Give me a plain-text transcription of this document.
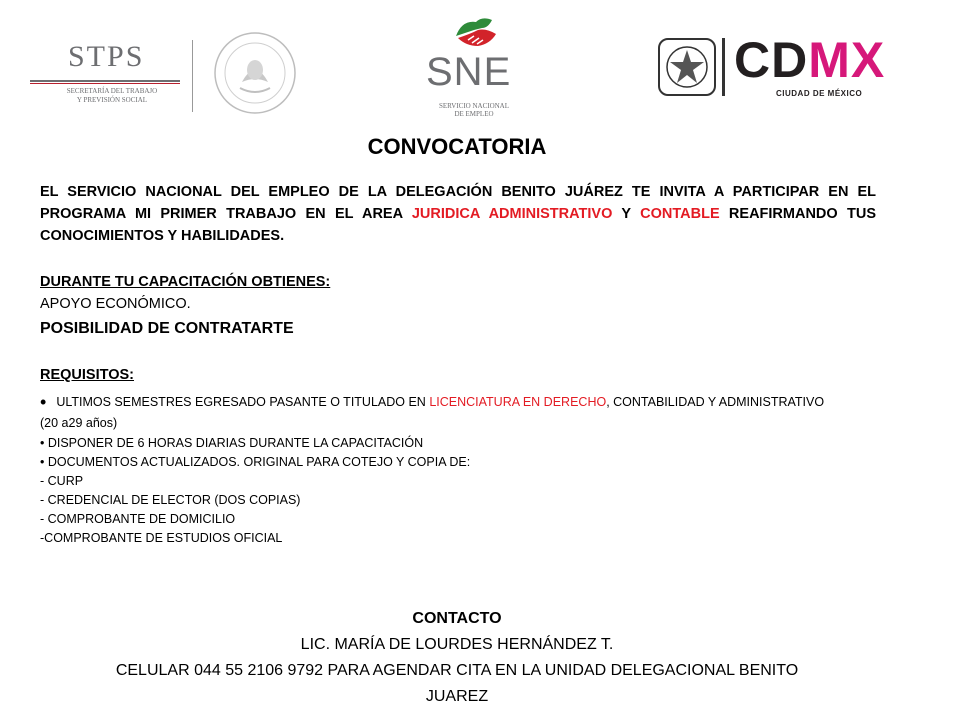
STPS
SECRETARÍA DEL TRABAJO
Y PREVISIÓN SOCIAL
SNE
SERVICIO NACIONAL
DE EMPLEO
CDMX
CIUDAD DE MÉXICO
CONVOCATORIA
EL SERVICIO NACIONAL DEL EMPLEO DE LA DELEGACIÓN BENITO JUÁREZ TE INVITA A PARTICIPAR EN EL PROGRAMA MI PRIMER TRABAJO EN EL AREA JURIDICA ADMINISTRATIVO Y CONTABLE REAFIRMANDO TUS CONOCIMIENTOS Y HABILIDADES.
DURANTE TU CAPACITACIÓN OBTIENES:
APOYO ECONÓMICO.
POSIBILIDAD DE CONTRATARTE
REQUISITOS:
• ULTIMOS SEMESTRES EGRESADO PASANTE O TITULADO EN LICENCIATURA EN DERECHO, CONTABILIDAD Y ADMINISTRATIVO
(20 a29 años)
• DISPONER DE 6 HORAS DIARIAS DURANTE LA CAPACITACIÓN
• DOCUMENTOS ACTUALIZADOS. ORIGINAL PARA COTEJO Y COPIA DE:
- CURP
- CREDENCIAL DE ELECTOR (DOS COPIAS)
- COMPROBANTE DE DOMICILIO
-COMPROBANTE DE ESTUDIOS OFICIAL
CONTACTO
LIC. MARÍA DE LOURDES HERNÁNDEZ T.
CELULAR 044 55 2106 9792 PARA AGENDAR CITA EN LA UNIDAD DELEGACIONAL BENITO
JUAREZ
